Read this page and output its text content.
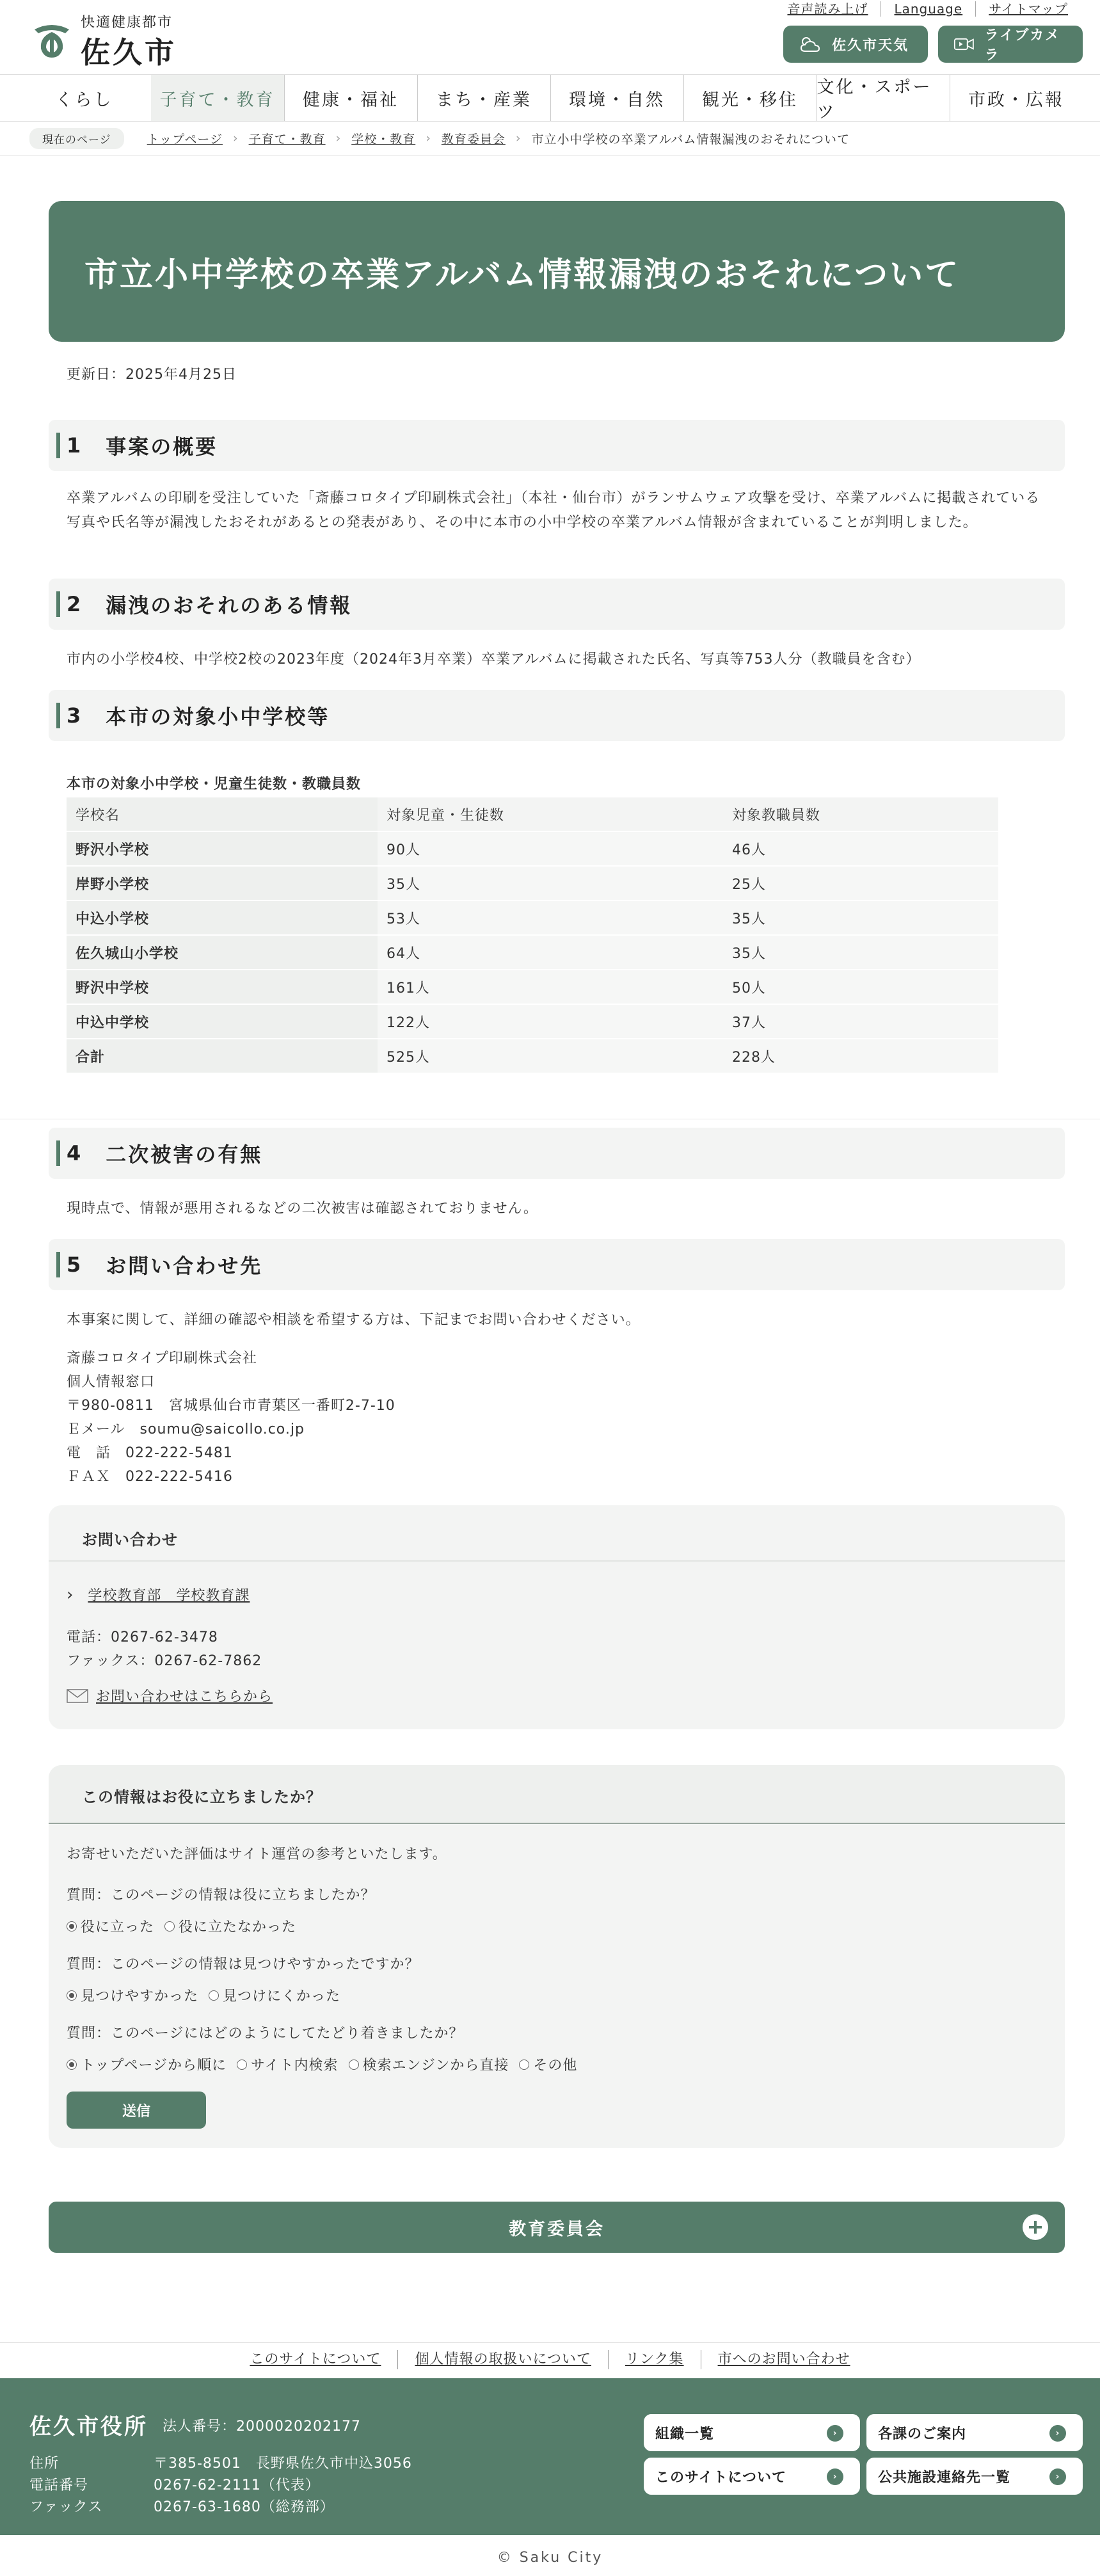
快適健康都市
佐久市
音声読み上げ	Language	サイトマップ
佐久市天気
ライブカメラ
くらし	子育て・教育	健康・福祉	まち・産業	環境・自然	観光・移住
文化・スポーツ
市政・広報
現在のページ	トップページ › 子育て・教育 › 学校・教育 › 教育委員会 › 市立小中学校の卒業アルバム情報漏洩のおそれについて
市立小中学校の卒業アルバム情報漏洩のおそれについて
更新日：2025年4月25日
1 事案の概要
卒業アルバムの印刷を受注していた「斎藤コロタイプ印刷株式会社」（本社・仙台市）がランサムウェア攻撃を受け、卒業アルバムに掲載されている写真や氏名等が漏洩したおそれがあるとの発表があり、その中に本市の小中学校の卒業アルバム情報が含まれていることが判明しました。
2 漏洩のおそれのある情報
市内の小学校4校、中学校2校の2023年度（2024年3月卒業）卒業アルバムに掲載された氏名、写真等753人分（教職員を含む）
3 本市の対象小中学校等
本市の対象小中学校・児童生徒数・教職員数
学校名	対象児童・生徒数	対象教職員数
野沢小学校	90人	46人
岸野小学校	35人	25人
中込小学校	53人	35人
佐久城山小学校	64人	35人
野沢中学校	161人	50人
中込中学校	122人	37人
合計	525人	228人
4 二次被害の有無
現時点で、情報が悪用されるなどの二次被害は確認されておりません。
5 お問い合わせ先
本事案に関して、詳細の確認や相談を希望する方は、下記までお問い合わせください。
斎藤コロタイプ印刷株式会社
個人情報窓口
〒980-0811　宮城県仙台市青葉区一番町2-7-10
Ｅメール　soumu@saicollo.co.jp
電　話　022-222-5481
ＦＡＸ　022-222-5416
お問い合わせ
› 学校教育部　学校教育課
電話：0267-62-3478
ファックス：0267-62-7862
お問い合わせはこちらから
この情報はお役に立ちましたか？
お寄せいただいた評価はサイト運営の参考といたします。
質問：このページの情報は役に立ちましたか？
役に立った 役に立たなかった
質問：このページの情報は見つけやすかったですか？
見つけやすかった 見つけにくかった
質問：このページにはどのようにしてたどり着きましたか？
トップページから順に サイト内検索 検索エンジンから直接 その他
送信
教育委員会
このサイトについて	個人情報の取扱いについて	リンク集	市へのお問い合わせ
佐久市役所 法人番号：2000020202177
住所	〒385-8501　長野県佐久市中込3056
電話番号	0267-62-2111（代表）
ファックス	0267-63-1680（総務部）
組織一覧	›	各課のご案内	›
このサイトについて	›	公共施設連絡先一覧	›
© Saku City
